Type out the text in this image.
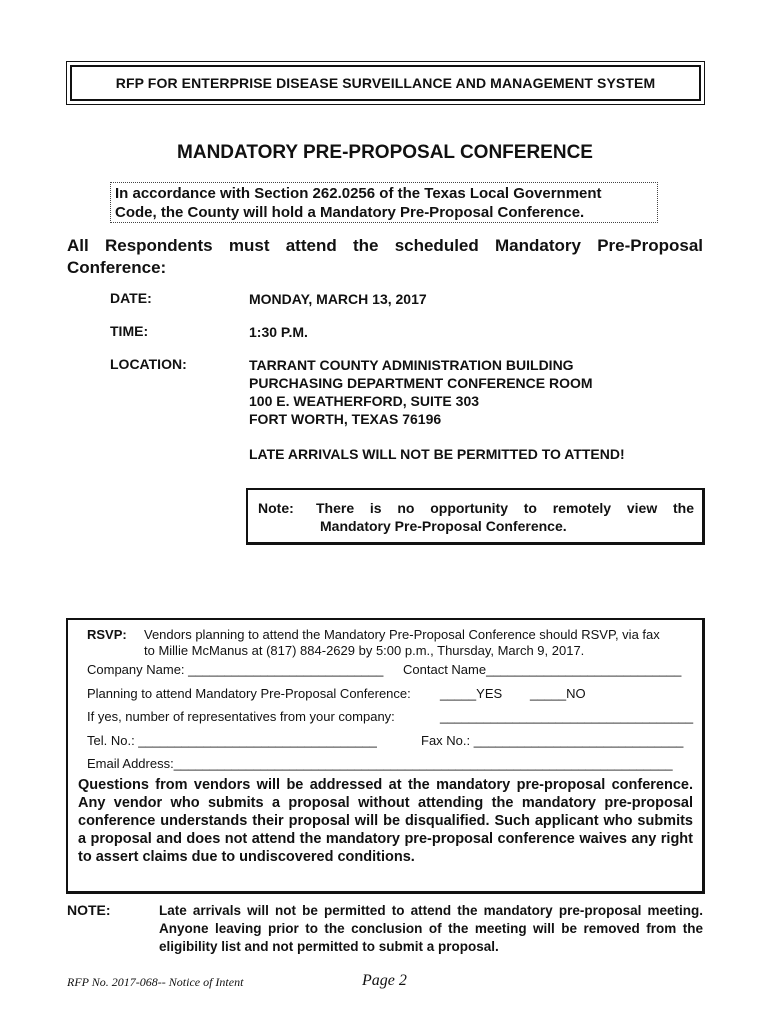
RFP FOR ENTERPRISE DISEASE SURVEILLANCE AND MANAGEMENT SYSTEM
MANDATORY PRE-PROPOSAL CONFERENCE
In accordance with Section 262.0256 of the Texas Local Government
Code, the County will hold a Mandatory Pre-Proposal Conference.
All Respondents must attend the scheduled Mandatory Pre-Proposal Conference:
DATE:	MONDAY, MARCH 13, 2017
TIME:	1:30 P.M.
LOCATION:	TARRANT COUNTY ADMINISTRATION BUILDING
PURCHASING DEPARTMENT CONFERENCE ROOM
100 E. WEATHERFORD, SUITE 303
FORT WORTH, TEXAS 76196
LATE ARRIVALS WILL NOT BE PERMITTED TO ATTEND!
Note: There is no opportunity to remotely view the
Mandatory Pre-Proposal Conference.
RSVP: Vendors planning to attend the Mandatory Pre-Proposal Conference should RSVP, via fax
to Millie McManus at (817) 884-2629 by 5:00 p.m., Thursday, March 9, 2017.
Company Name: ___________________________ Contact Name___________________________
Planning to attend Mandatory Pre-Proposal Conference: _____YES _____NO
If yes, number of representatives from your company:	___________________________________
Tel. No.: _________________________________	Fax No.: _____________________________
Email Address:_____________________________________________________________________
Questions from vendors will be addressed at the mandatory pre-proposal conference. Any vendor who submits a proposal without attending the mandatory pre-proposal conference understands their proposal will be disqualified. Such applicant who submits a proposal and does not attend the mandatory pre-proposal conference waives any right to assert claims due to undiscovered conditions.
NOTE:	Late arrivals will not be permitted to attend the mandatory pre-proposal meeting. Anyone leaving prior to the conclusion of the meeting will be removed from the eligibility list and not permitted to submit a proposal.
RFP No. 2017-068-- Notice of Intent	Page 2
